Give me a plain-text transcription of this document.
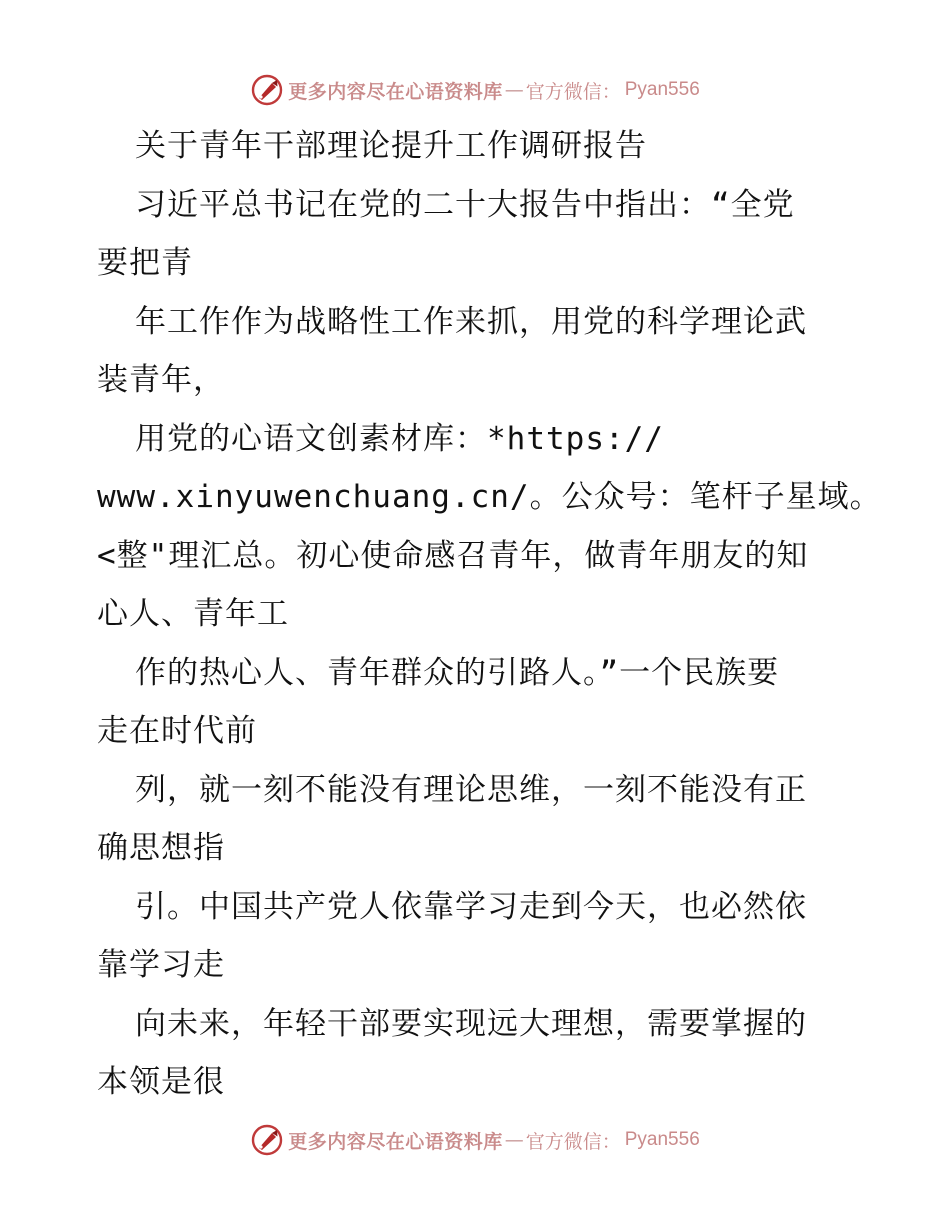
更多内容尽在心语资料库 — 官方微信： Pyan556
关于青年干部理论提升工作调研报告
习近平总书记在党的二十大报告中指出：“全党
要把青
年工作作为战略性工作来抓，用党的科学理论武
装青年，
用党的心语文创素材库：*https://
www.xinyuwenchuang.cn/。公众号：笔杆子星域。
<整"理汇总。初心使命感召青年，做青年朋友的知
心人、青年工
作的热心人、青年群众的引路人。”一个民族要
走在时代前
列，就一刻不能没有理论思维，一刻不能没有正
确思想指
引。中国共产党人依靠学习走到今天，也必然依
靠学习走
向未来，年轻干部要实现远大理想，需要掌握的
本领是很
更多内容尽在心语资料库 — 官方微信： Pyan556
